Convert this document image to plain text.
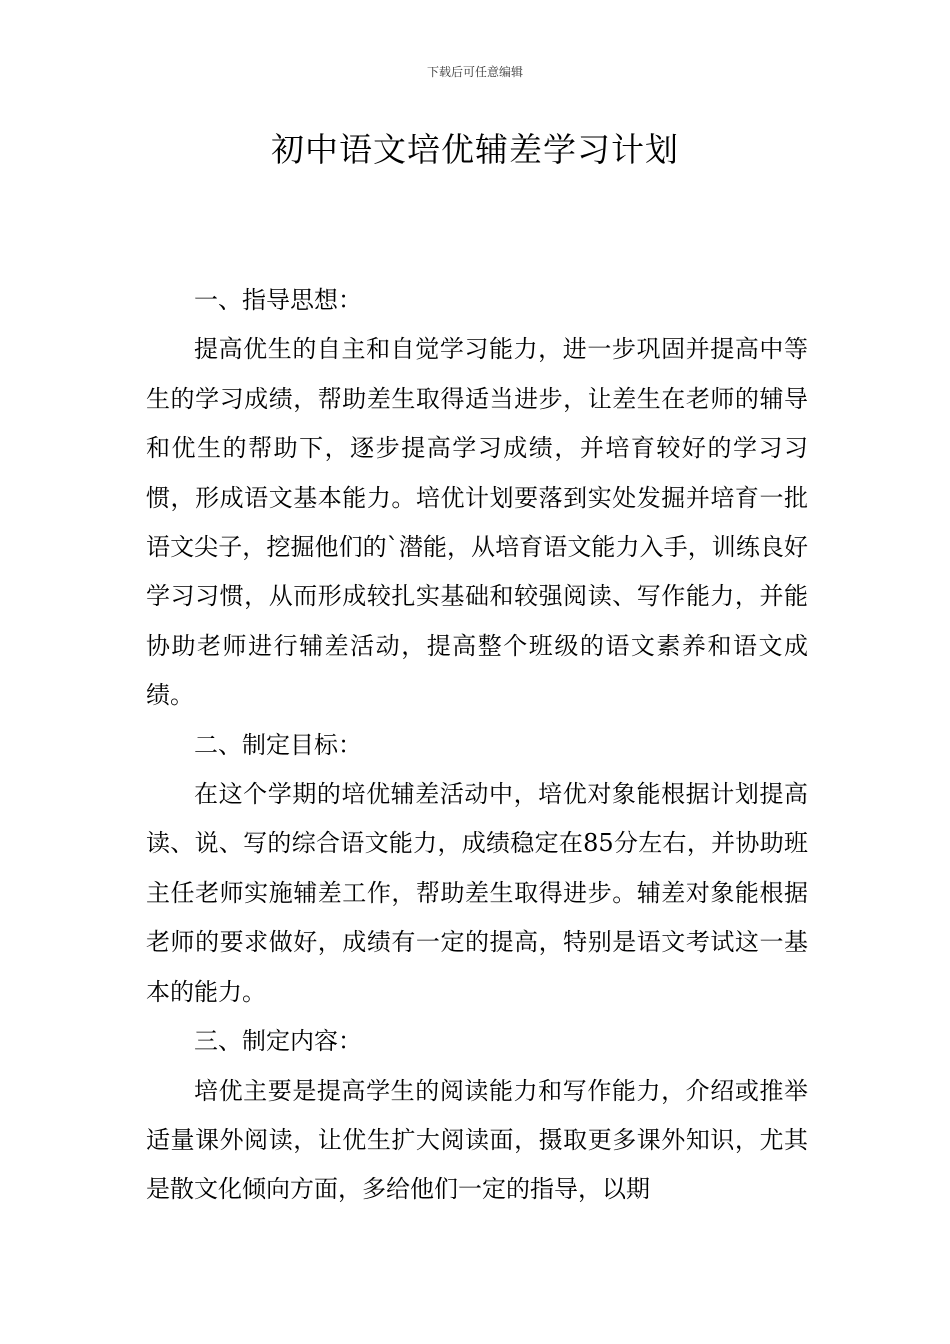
下载后可任意编辑
初中语文培优辅差学习计划

一、指导思想：

提高优生的自主和自觉学习能力，进一步巩固并提高中等生的学习成绩，帮助差生取得适当进步，让差生在老师的辅导和优生的帮助下，逐步提高学习成绩，并培育较好的学习习惯，形成语文基本能力。培优计划要落到实处发掘并培育一批语文尖子，挖掘他们的`潜能，从培育语文能力入手，训练良好学习习惯，从而形成较扎实基础和较强阅读、写作能力，并能协助老师进行辅差活动，提高整个班级的语文素养和语文成绩。

二、制定目标：

在这个学期的培优辅差活动中，培优对象能根据计划提高读、说、写的综合语文能力，成绩稳定在85分左右，并协助班主任老师实施辅差工作，帮助差生取得进步。辅差对象能根据老师的要求做好，成绩有一定的提高，特别是语文考试这一基本的能力。

三、制定内容：

培优主要是提高学生的阅读能力和写作能力，介绍或推举适量课外阅读，让优生扩大阅读面，摄取更多课外知识，尤其是散文化倾向方面，多给他们一定的指导，以期
